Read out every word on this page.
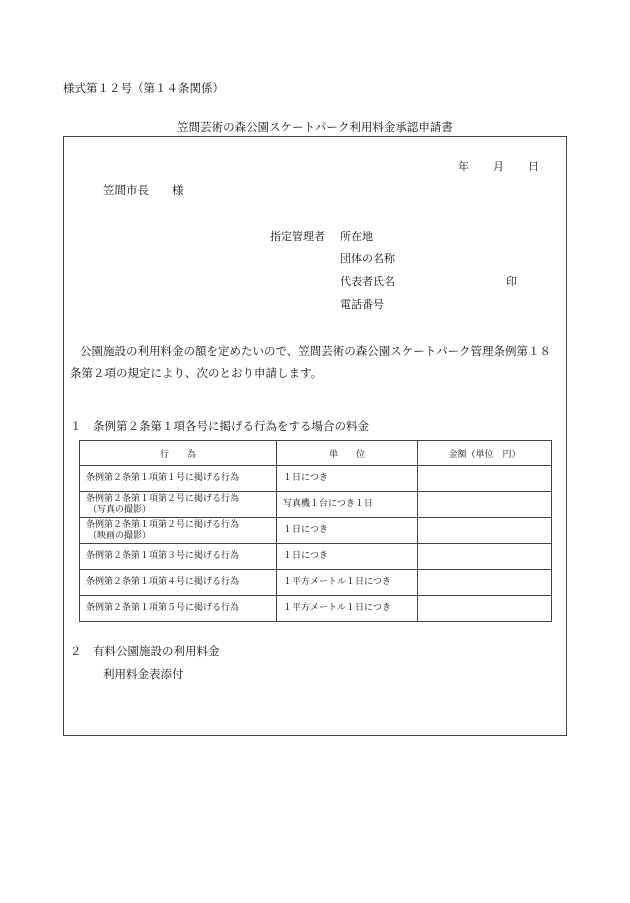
様式第１２号（第１４条関係）
笠間芸術の森公園スケートパーク利用料金承認申請書
年 月 日
笠間市長　　様
指定管理者 所在地
団体の名称
代表者氏名	印
電話番号
公園施設の利用料金の額を定めたいので、笠間芸術の森公園スケートパーク管理条例第１８
条第２項の規定により、次のとおり申請します。
１　条例第２条第１項各号に掲げる行為をする場合の料金
行　　為	単　　位	金額（単位　円）
条例第２条第１項第１号に掲げる行為	１日につき	
条例第２条第１項第２号に掲げる行為
（写真の撮影）	写真機１台につき１日	
条例第２条第１項第２号に掲げる行為
（映画の撮影）	１日につき	
条例第２条第１項第３号に掲げる行為	１日につき	
条例第２条第１項第４号に掲げる行為	１平方メートル１日につき	
条例第２条第１項第５号に掲げる行為	１平方メートル１日につき	
２　有料公園施設の利用料金
利用料金表添付
